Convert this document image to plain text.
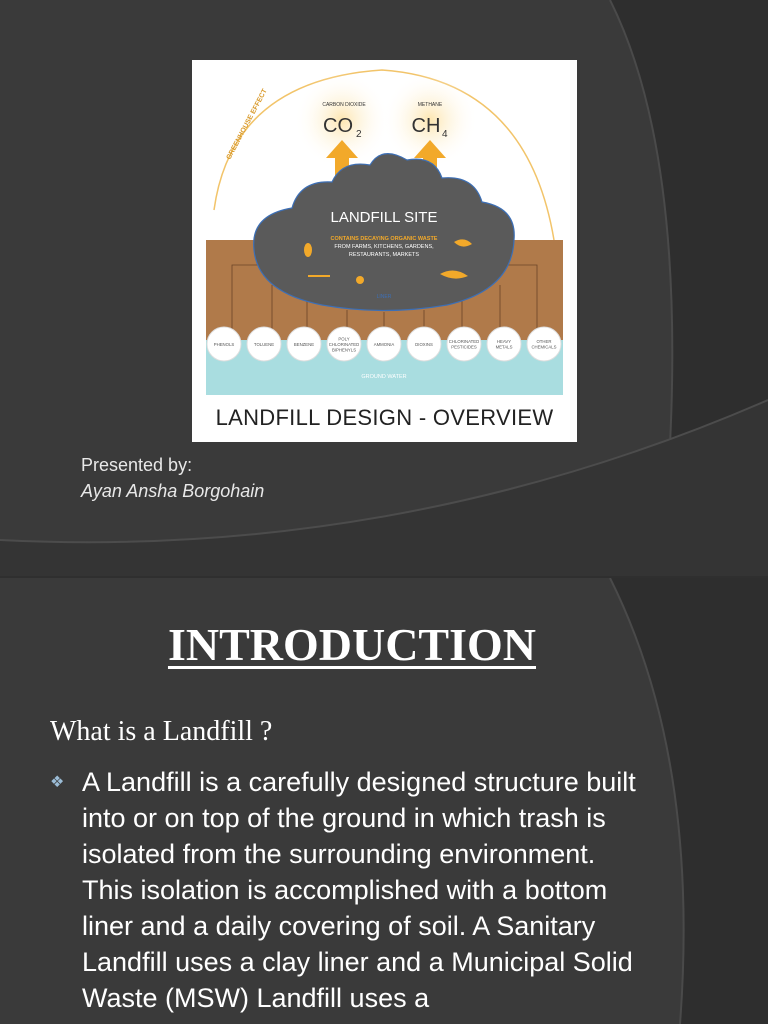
GREENHOUSE EFFECT	CARBON DIOXIDE
CO 2
METHANE
CH 4
LANDFILL SITE
CONTAINS DECAYING ORGANIC WASTE
FROM FARMS, KITCHENS, GARDENS,
RESTAURANTS, MARKETS
LINER
PHENOLS	TOLUENE	BENZENE
POLY
CHLORINATED
BIPHENYLS
AMMONIA	DIOXINS
CHLORINATED
PESTICIDES
HEAVY
METALS
OTHER
CHEMICALS
GROUND WATER
LANDFILL DESIGN - OVERVIEW
Presented by:
Ayan Ansha Borgohain
INTRODUCTION
What is a Landfill ?
❖ A Landfill is a carefully designed structure built into or on top of the ground in which trash is isolated from the surrounding environment. This isolation is accomplished with a bottom liner and a daily covering of soil. A Sanitary Landfill uses a clay liner and a Municipal Solid Waste (MSW) Landfill uses a
